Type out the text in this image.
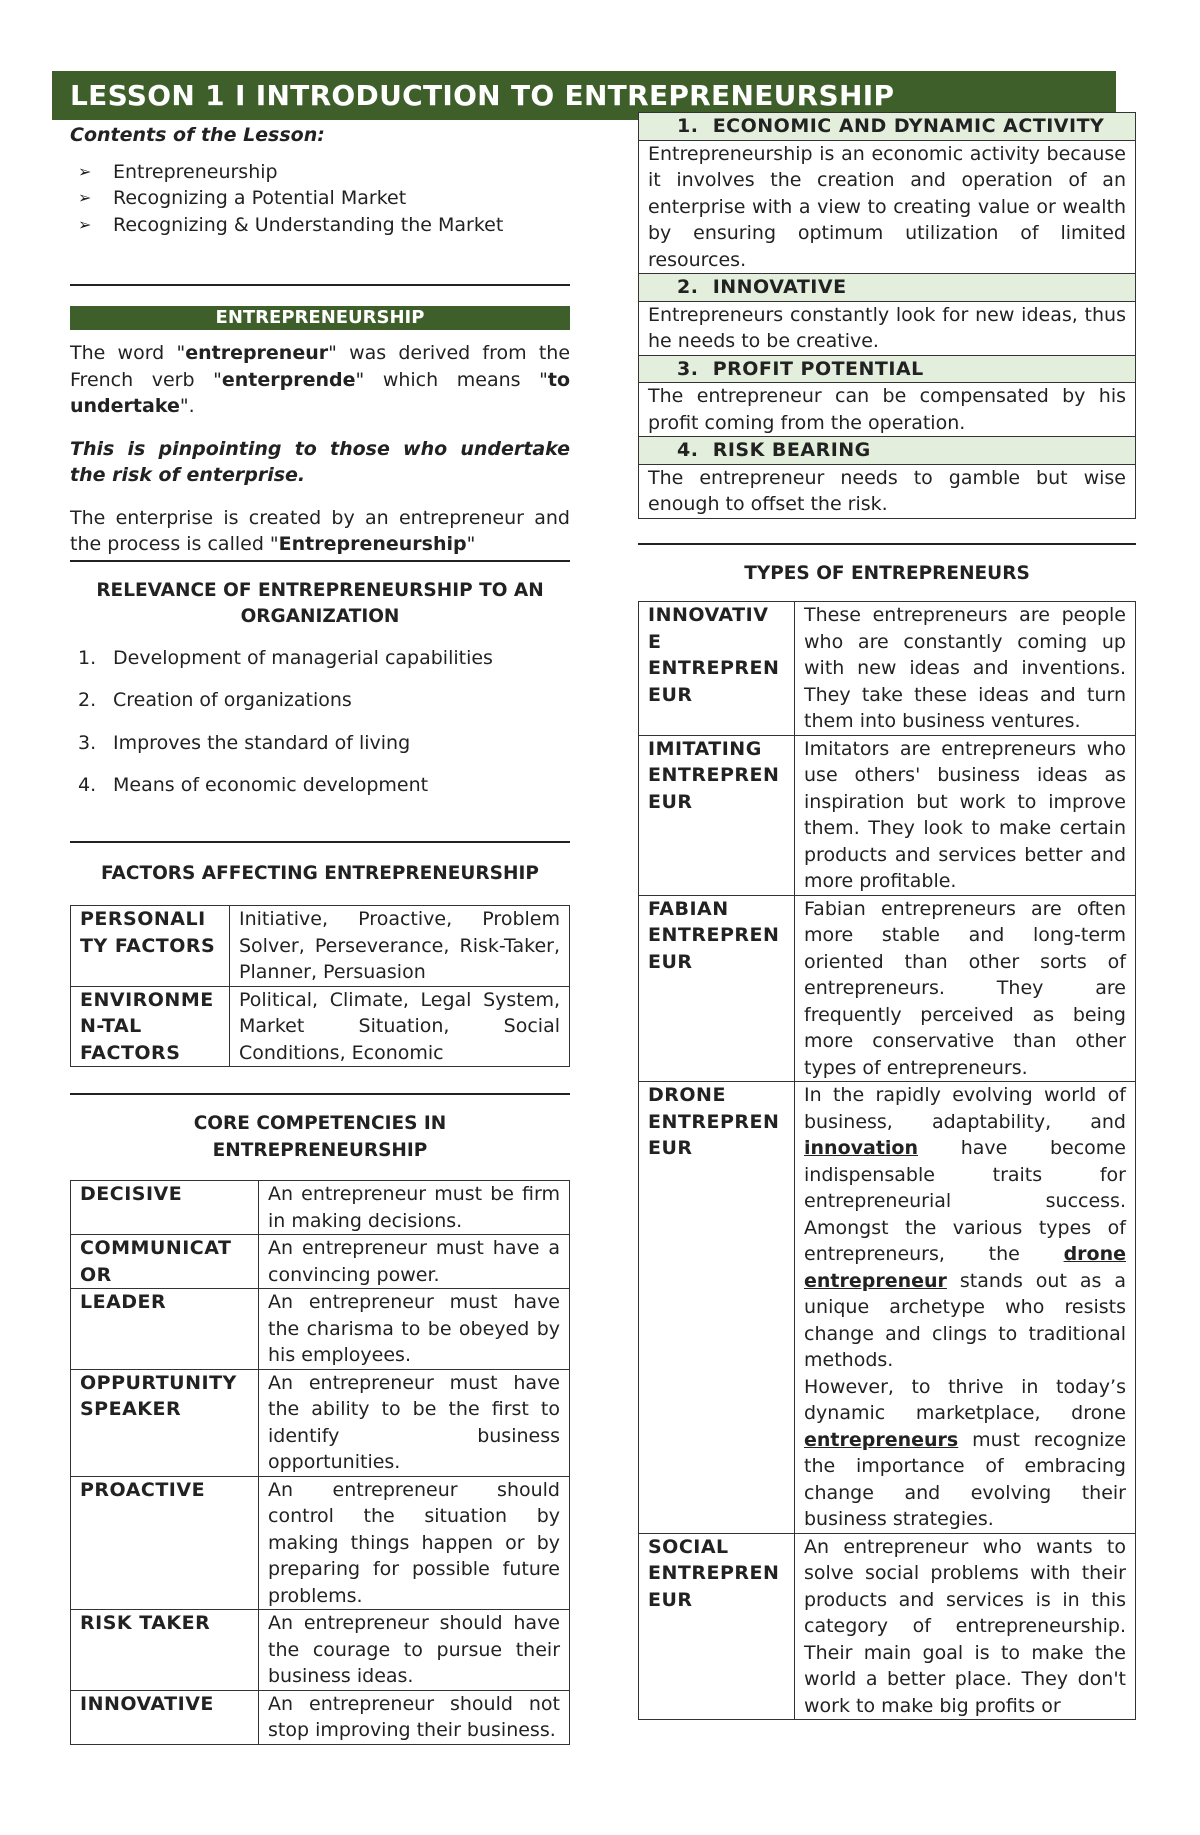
LESSON 1 I INTRODUCTION TO ENTREPRENEURSHIP
Contents of the Lesson:
➢ Entrepreneurship
➢ Recognizing a Potential Market
➢ Recognizing & Understanding the Market
ENTREPRENEURSHIP

The word "entrepreneur" was derived from the French verb "enterprende" which means "to undertake".

This is pinpointing to those who undertake the risk of enterprise.

The enterprise is created by an entrepreneur and the process is called "Entrepreneurship"

RELEVANCE OF ENTREPRENEURSHIP TO AN ORGANIZATION
1. Development of managerial capabilities
2. Creation of organizations
3. Improves the standard of living
4. Means of economic development
FACTORS AFFECTING ENTREPRENEURSHIP
PERSONALI TY FACTORS	Initiative, Proactive, Problem Solver, Perseverance, Risk-Taker, Planner, Persuasion
ENVIRONME N-TAL FACTORS	Political, Climate, Legal System, Market Situation, Social Conditions, Economic
CORE COMPETENCIES IN ENTREPRENEURSHIP
DECISIVE	An entrepreneur must be firm in making decisions.
COMMUNICAT OR	An entrepreneur must have a convincing power.
LEADER	An entrepreneur must have the charisma to be obeyed by his employees.
OPPURTUNITY SPEAKER	An entrepreneur must have the ability to be the first to identify business opportunities.
PROACTIVE	An entrepreneur should control the situation by making things happen or by preparing for possible future problems.
RISK TAKER	An entrepreneur should have the courage to pursue their business ideas.
INNOVATIVE	An entrepreneur should not stop improving their business.
1. ECONOMIC AND DYNAMIC ACTIVITY
Entrepreneurship is an economic activity because it involves the creation and operation of an enterprise with a view to creating value or wealth by ensuring optimum utilization of limited resources.
2. INNOVATIVE
Entrepreneurs constantly look for new ideas, thus he needs to be creative.
3. PROFIT POTENTIAL
The entrepreneur can be compensated by his profit coming from the operation.
4. RISK BEARING
The entrepreneur needs to gamble but wise enough to offset the risk.
TYPES OF ENTREPRENEURS
INNOVATIV E ENTREPREN EUR	These entrepreneurs are people who are constantly coming up with new ideas and inventions. They take these ideas and turn them into business ventures.
IMITATING ENTREPREN EUR	Imitators are entrepreneurs who use others' business ideas as inspiration but work to improve them. They look to make certain products and services better and more profitable.
FABIAN ENTREPREN EUR	Fabian entrepreneurs are often more stable and long-term oriented than other sorts of entrepreneurs. They are frequently perceived as being more conservative than other types of entrepreneurs.
DRONE ENTREPREN EUR	In the rapidly evolving world of business, adaptability, and innovation have become indispensable traits for entrepreneurial success. Amongst the various types of entrepreneurs, the drone entrepreneur stands out as a unique archetype who resists change and clings to traditional methods.
However, to thrive in today’s dynamic marketplace, drone entrepreneurs must recognize the importance of embracing change and evolving their business strategies.
SOCIAL ENTREPREN EUR	An entrepreneur who wants to solve social problems with their products and services is in this category of entrepreneurship. Their main goal is to make the world a better place. They don't work to make big profits or
